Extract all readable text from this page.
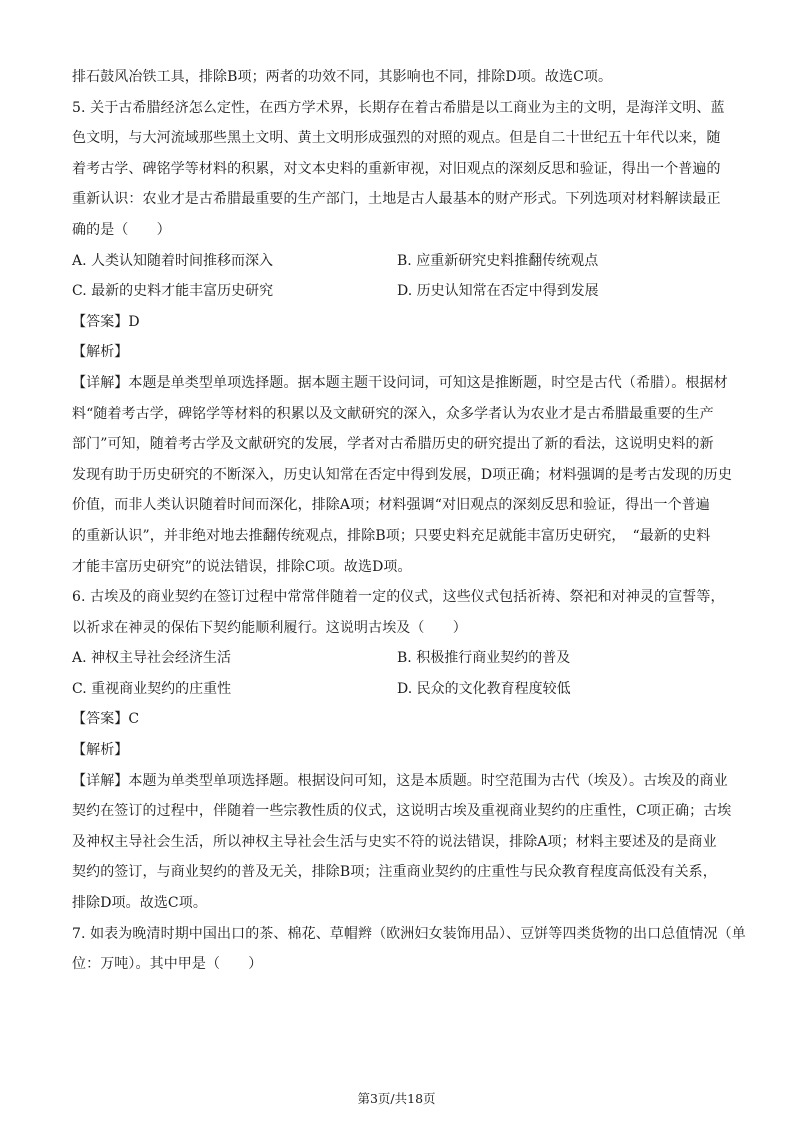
排石鼓风冶铁工具，排除B项；两者的功效不同，其影响也不同，排除D项。故选C项。
5. 关于古希腊经济怎么定性，在西方学术界，长期存在着古希腊是以工商业为主的文明，是海洋文明、蓝
色文明，与大河流域那些黑土文明、黄土文明形成强烈的对照的观点。但是自二十世纪五十年代以来，随
着考古学、碑铭学等材料的积累，对文本史料的重新审视，对旧观点的深刻反思和验证，得出一个普遍的
重新认识：农业才是古希腊最重要的生产部门，土地是古人最基本的财产形式。下列选项对材料解读最正
确的是（　　）
A. 人类认知随着时间推移而深入	B. 应重新研究史料推翻传统观点
C. 最新的史料才能丰富历史研究	D. 历史认知常在否定中得到发展
【答案】D
【解析】
【详解】本题是单类型单项选择题。据本题主题干设问词，可知这是推断题，时空是古代（希腊）。根据材
料“随着考古学，碑铭学等材料的积累以及文献研究的深入，众多学者认为农业才是古希腊最重要的生产
部门”可知，随着考古学及文献研究的发展，学者对古希腊历史的研究提出了新的看法，这说明史料的新
发现有助于历史研究的不断深入，历史认知常在否定中得到发展，D项正确；材料强调的是考古发现的历史
价值，而非人类认识随着时间而深化，排除A项；材料强调“对旧观点的深刻反思和验证，得出一个普遍
的重新认识”，并非绝对地去推翻传统观点，排除B项；只要史料充足就能丰富历史研究，　“最新的史料
才能丰富历史研究”的说法错误，排除C项。故选D项。
6. 古埃及的商业契约在签订过程中常常伴随着一定的仪式，这些仪式包括祈祷、祭祀和对神灵的宣誓等，
以祈求在神灵的保佑下契约能顺利履行。这说明古埃及（　　）
A. 神权主导社会经济生活	B. 积极推行商业契约的普及
C. 重视商业契约的庄重性	D. 民众的文化教育程度较低
【答案】C
【解析】
【详解】本题为单类型单项选择题。根据设问可知，这是本质题。时空范围为古代（埃及）。古埃及的商业
契约在签订的过程中，伴随着一些宗教性质的仪式，这说明古埃及重视商业契约的庄重性，C项正确；古埃
及神权主导社会生活，所以神权主导社会生活与史实不符的说法错误，排除A项；材料主要述及的是商业
契约的签订，与商业契约的普及无关，排除B项；注重商业契约的庄重性与民众教育程度高低没有关系，
排除D项。故选C项。
7. 如表为晚清时期中国出口的茶、棉花、草帽辫（欧洲妇女装饰用品）、豆饼等四类货物的出口总值情况（单
位：万吨）。其中甲是（　　）
第3页/共18页
